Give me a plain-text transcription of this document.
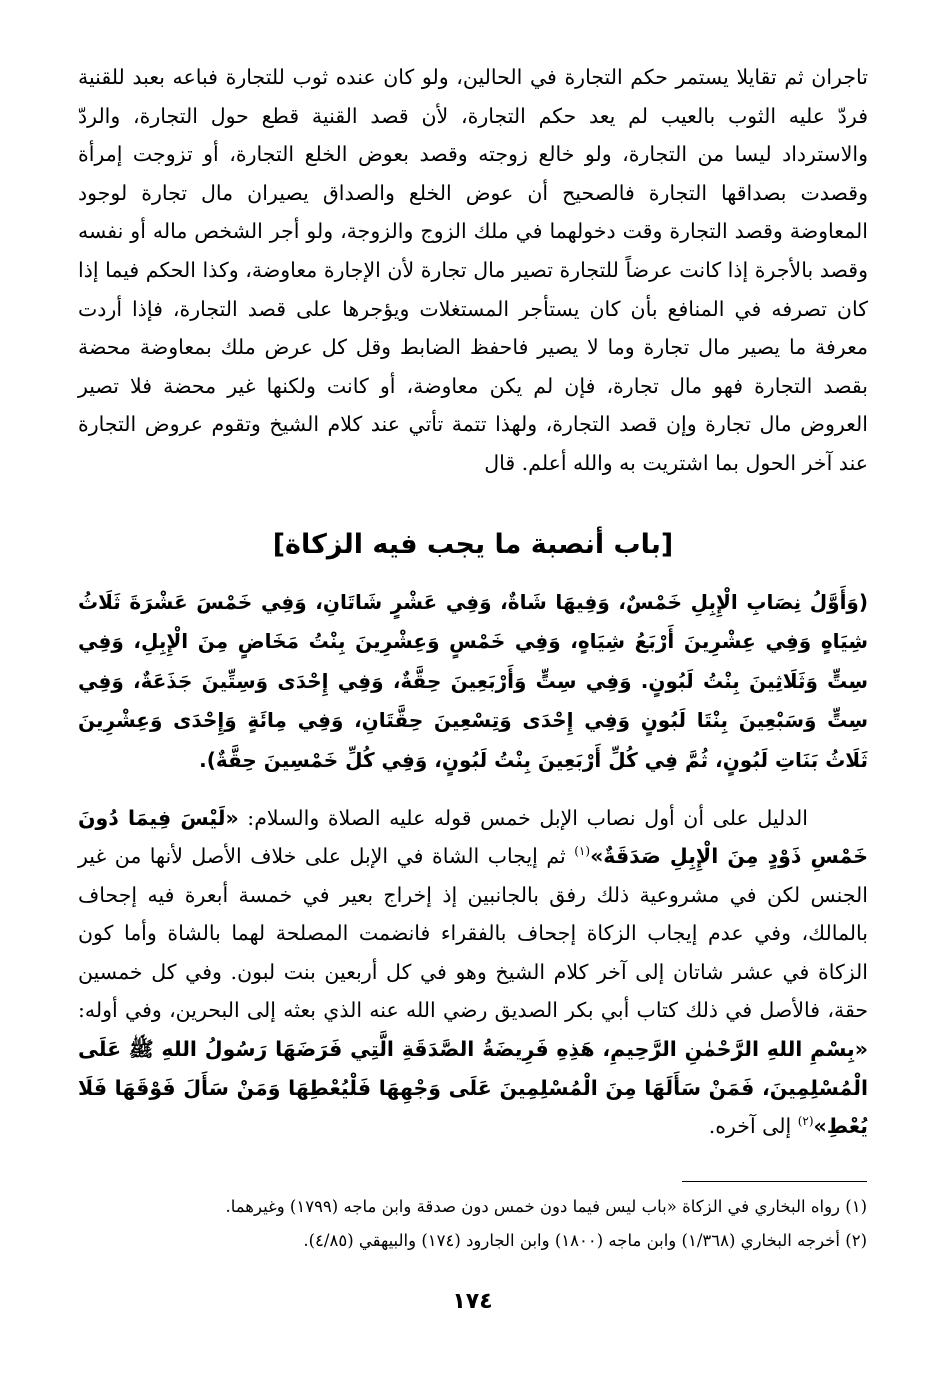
تاجران ثم تقايلا يستمر حكم التجارة في الحالين، ولو كان عنده ثوب للتجارة فباعه بعبد للقنية فردّ عليه الثوب بالعيب لم يعد حكم التجارة، لأن قصد القنية قطع حول التجارة، والردّ والاسترداد ليسا من التجارة، ولو خالع زوجته وقصد بعوض الخلع التجارة، أو تزوجت إمرأة وقصدت بصداقها التجارة فالصحيح أن عوض الخلع والصداق يصيران مال تجارة لوجود المعاوضة وقصد التجارة وقت دخولهما في ملك الزوج والزوجة، ولو أجر الشخص ماله أو نفسه وقصد بالأجرة إذا كانت عرضاً للتجارة تصير مال تجارة لأن الإجارة معاوضة، وكذا الحكم فيما إذا كان تصرفه في المنافع بأن كان يستأجر المستغلات ويؤجرها على قصد التجارة، فإذا أردت معرفة ما يصير مال تجارة وما لا يصير فاحفظ الضابط وقل كل عرض ملك بمعاوضة محضة بقصد التجارة فهو مال تجارة، فإن لم يكن معاوضة، أو كانت ولكنها غير محضة فلا تصير العروض مال تجارة وإن قصد التجارة، ولهذا تتمة تأتي عند كلام الشيخ وتقوم عروض التجارة عند آخر الحول بما اشتريت به والله أعلم. قال

[باب أنصبة ما يجب فيه الزكاة]

(وَأَوَّلُ نِصَابِ الْإِبِلِ خَمْسٌ، وَفِيهَا شَاةٌ، وَفِي عَشْرٍ شَاتَانِ، وَفِي خَمْسَ عَشْرَةَ ثَلَاثُ شِيَاهٍ وَفِي عِشْرِينَ أَرْبَعُ شِيَاهٍ، وَفِي خَمْسٍ وَعِشْرِينَ بِنْتُ مَخَاضٍ مِنَ الْإِبِلِ، وَفِي سِتٍّ وَثَلَاثِينَ بِنْتُ لَبُونٍ. وَفِي سِتٍّ وَأَرْبَعِينَ حِقَّةٌ، وَفِي إِحْدَى وَسِتِّينَ جَذَعَةٌ، وَفِي سِتٍّ وَسَبْعِينَ بِنْتَا لَبُونٍ وَفِي إِحْدَى وَتِسْعِينَ حِقَّتَانِ، وَفِي مِائَةٍ وَإِحْدَى وَعِشْرِينَ ثَلَاثُ بَنَاتِ لَبُونٍ، ثُمَّ فِي كُلِّ أَرْبَعِينَ بِنْتُ لَبُونٍ، وَفِي كُلِّ خَمْسِينَ حِقَّةٌ).

الدليل على أن أول نصاب الإبل خمس قوله عليه الصلاة والسلام: «لَيْسَ فِيمَا دُونَ خَمْسِ ذَوْدٍ مِنَ الْإِبِلِ صَدَقَةٌ»$^{(١)}$ ثم إيجاب الشاة في الإبل على خلاف الأصل لأنها من غير الجنس لكن في مشروعية ذلك رفق بالجانبين إذ إخراج بعير في خمسة أبعرة فيه إجحاف بالمالك، وفي عدم إيجاب الزكاة إجحاف بالفقراء فانضمت المصلحة لهما بالشاة وأما كون الزكاة في عشر شاتان إلى آخر كلام الشيخ وهو في كل أربعين بنت لبون. وفي كل خمسين حقة، فالأصل في ذلك كتاب أبي بكر الصديق رضي الله عنه الذي بعثه إلى البحرين، وفي أوله: «بِسْمِ اللهِ الرَّحْمٰنِ الرَّحِيمِ، هَذِهِ فَرِيضَةُ الصَّدَقَةِ الَّتِي فَرَضَهَا رَسُولُ اللهِ ﷺ عَلَى الْمُسْلِمِينَ، فَمَنْ سَأَلَهَا مِنَ الْمُسْلِمِينَ عَلَى وَجْهِهَا فَلْيُعْطِهَا وَمَنْ سَأَلَ فَوْقَهَا فَلَا يُعْطِ»$^{(٢)}$ إلى آخره.

(١) رواه البخاري في الزكاة «باب ليس فيما دون خمس دون صدقة وابن ماجه (١٧٩٩) وغيرهما.

(٢) أخرجه البخاري (١/٣٦٨) وابن ماجه (١٨٠٠) وابن الجارود (١٧٤) والبيهقي (٤/٨٥).

١٧٤
